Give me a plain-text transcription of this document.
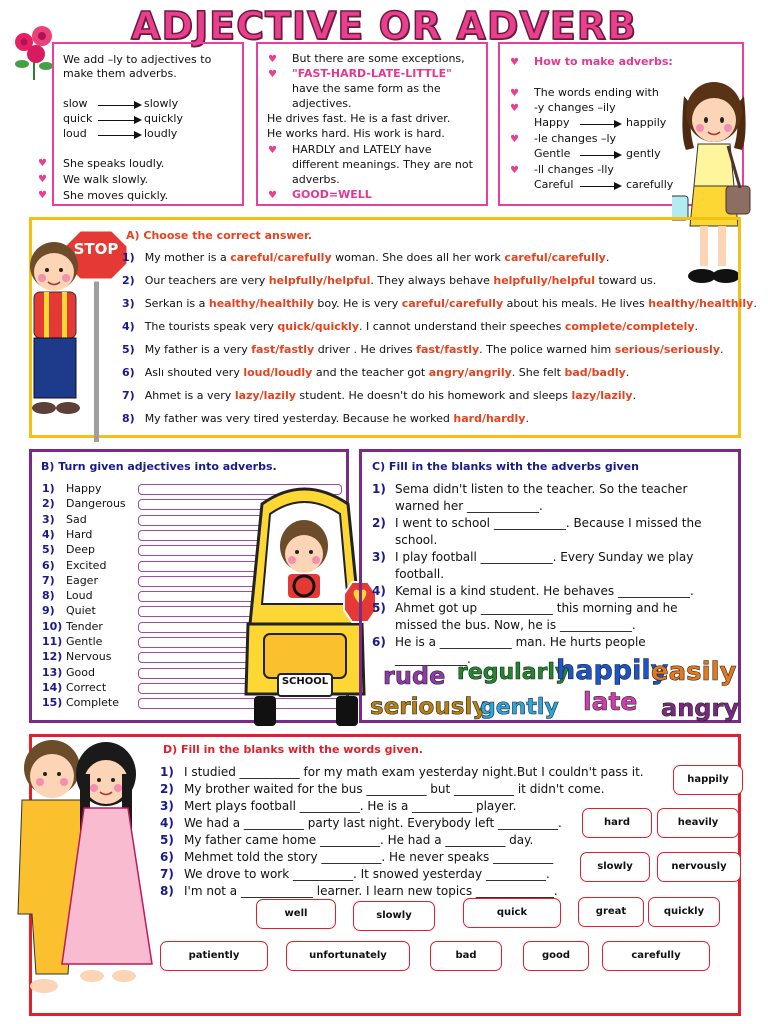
ADJECTIVE OR ADVERB
We add –ly to adjectives to
make them adverbs.
slow	slowly
quick	quickly
loud	loudly
♥ She speaks loudly.
♥ We walk slowly.
♥ She moves quickly.
♥ But there are some exceptions,
♥ "FAST-HARD-LATE-LITTLE"
have the same form as the
adjectives.
He drives fast. He is a fast driver.
He works hard. His work is hard.
♥ HARDLY and LATELY have
different meanings. They are not
adverbs.
♥ GOOD=WELL
♥ How to make adverbs:
♥ The words ending with
♥ -y changes –ily
Happy	happily
♥ -le changes –ly
Gentle	gently
♥ -ll changes -lly
Careful	carefully
A) Choose the correct answer.
STOP 1) My mother is a careful/carefully woman. She does all her work careful/carefully.
2) Our teachers are very helpfully/helpful. They always behave helpfully/helpful toward us.
3) Serkan is a healthy/healthily boy. He is very careful/carefully about his meals. He lives healthy/healthily.
4) The tourists speak very quick/quickly. I cannot understand their speeches complete/completely.
5) My father is a very fast/fastly driver . He drives fast/fastly. The police warned him serious/seriously.
6) Aslı shouted very loud/loudly and the teacher got angry/angrily. She felt bad/badly.
7) Ahmet is a very lazy/lazily student. He doesn't do his homework and sleeps lazy/lazily.
8) My father was very tired yesterday. Because he worked hard/hardly.
B) Turn given adjectives into adverbs.
1) Happy
2) Dangerous
3) Sad
4) Hard
5) Deep
6) Excited
7) Eager
8) Loud
9) Quiet
10) Tender
11) Gentle
12) Nervous
13) Good
14) Correct
15) Complete
SCHOOL
C) Fill in the blanks with the adverbs given
1) Sema didn't listen to the teacher. So the teacher
warned her ____________.
2) I went to school ____________. Because I missed the
school.
3) I play football ____________. Every Sunday we play
football.
4) Kemal is a kind student. He behaves ____________.
5) Ahmet got up ____________ this morning and he
missed the bus. Now, he is ____________.
6) He is a ____________ man. He hurts people
____________.
rude regularly
happily
easily
seriously
gently late angry
D) Fill in the blanks with the words given.
1) I studied __________ for my math exam yesterday night.But I couldn't pass it.
2) My brother waited for the bus __________ but __________ it didn't come.
3) Mert plays football __________. He is a __________ player.
4) We had a __________ party last night. Everybody left __________.
5) My father came home __________. He had a __________ day.
6) Mehmet told the story __________. He never speaks __________
7) We drove to work __________. It snowed yesterday __________.
8) I'm not a ____________ learner. I learn new topics _____________.
happily
hard	heavily
slowly	nervously
well	slowly	quick	great	quickly
patiently	unfortunately	bad	good	carefully
